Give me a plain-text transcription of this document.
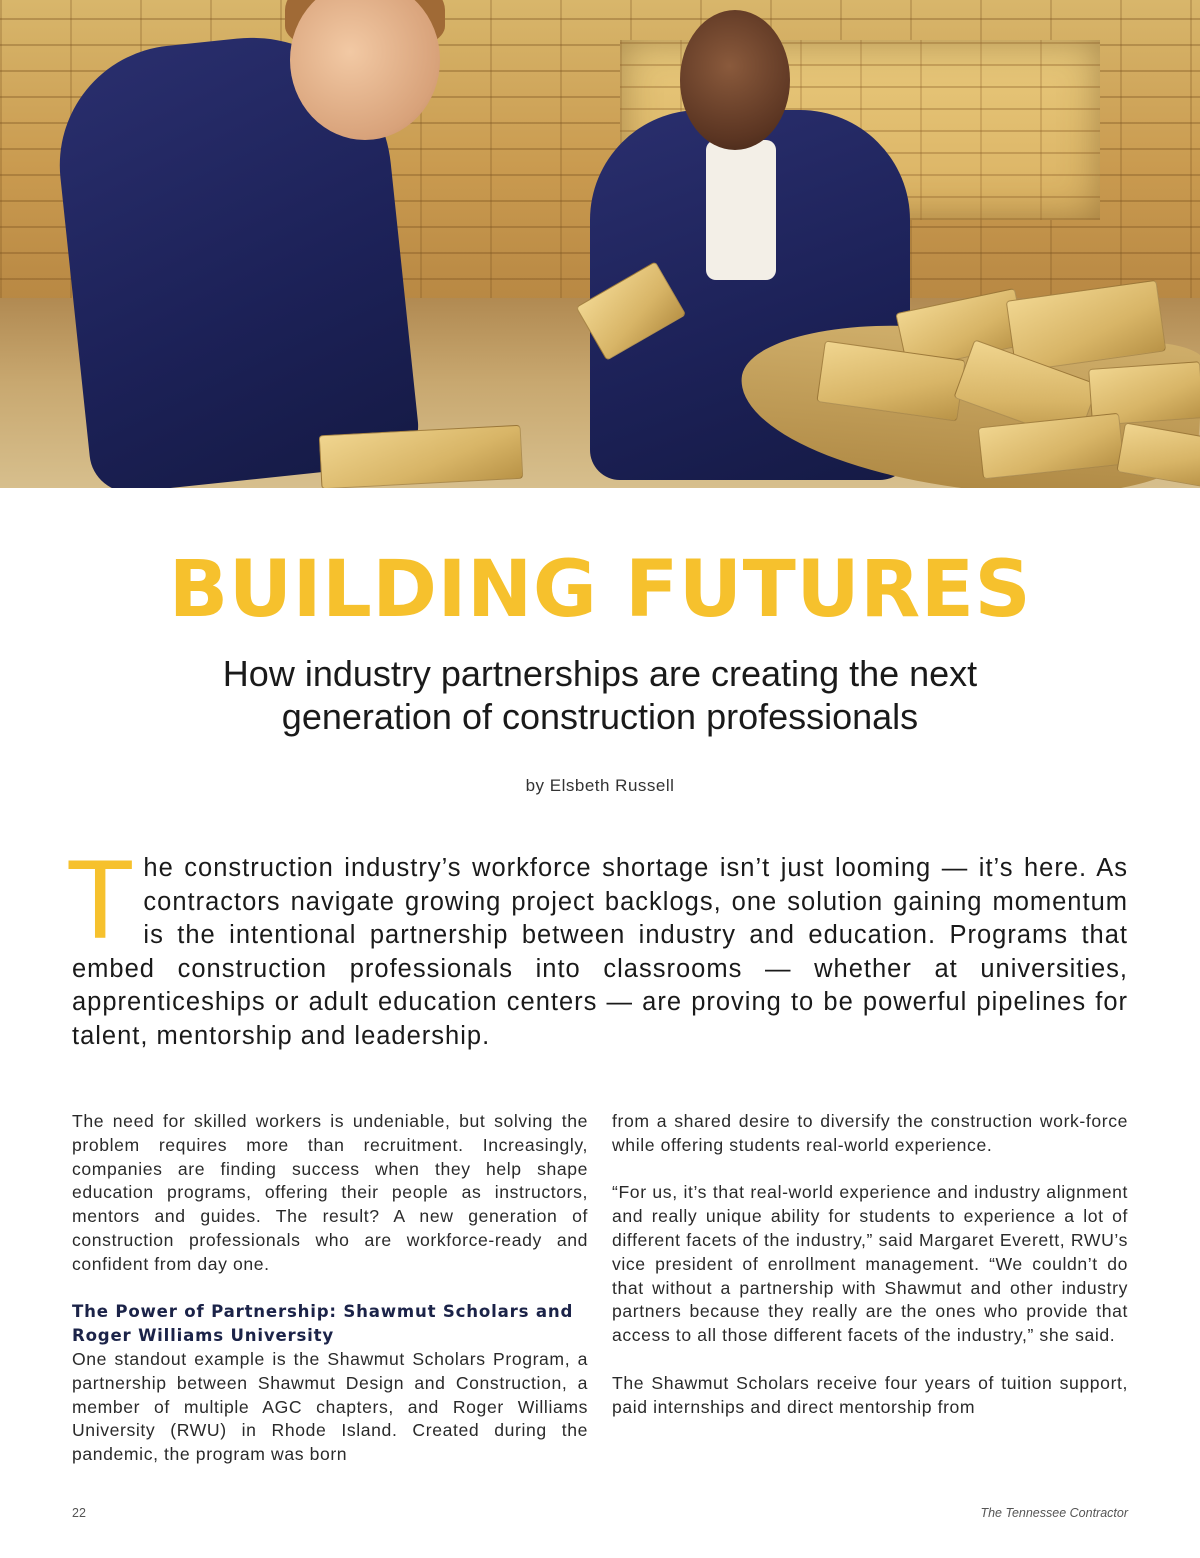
BUILDING FUTURES
How industry partnerships are creating the next generation of construction professionals
by Elsbeth Russell

The construction industry’s workforce shortage isn’t just looming — it’s here. As contractors navigate growing project backlogs, one solution gaining momentum is the intentional partnership between industry and education. Programs that embed construction professionals into classrooms — whether at universities, apprenticeships or adult education centers — are proving to be powerful pipelines for talent, mentorship and leadership.

The need for skilled workers is undeniable, but solving the problem requires more than recruitment. Increasingly, companies are finding success when they help shape education programs, offering their people as instructors, mentors and guides. The result? A new generation of construction professionals who are workforce-ready and confident from day one.

The Power of Partnership: Shawmut Scholars and Roger Williams University

One standout example is the Shawmut Scholars Program, a partnership between Shawmut Design and Construction, a member of multiple AGC chapters, and Roger Williams University (RWU) in Rhode Island. Created during the pandemic, the program was born

from a shared desire to diversify the construction work-force while offering students real-world experience.

“For us, it’s that real-world experience and industry alignment and really unique ability for students to experience a lot of different facets of the industry,” said Margaret Everett, RWU’s vice president of enrollment management. “We couldn’t do that without a partnership with Shawmut and other industry partners because they really are the ones who provide that access to all those different facets of the industry,” she said.

The Shawmut Scholars receive four years of tuition support, paid internships and direct mentorship from

22	The Tennessee Contractor
